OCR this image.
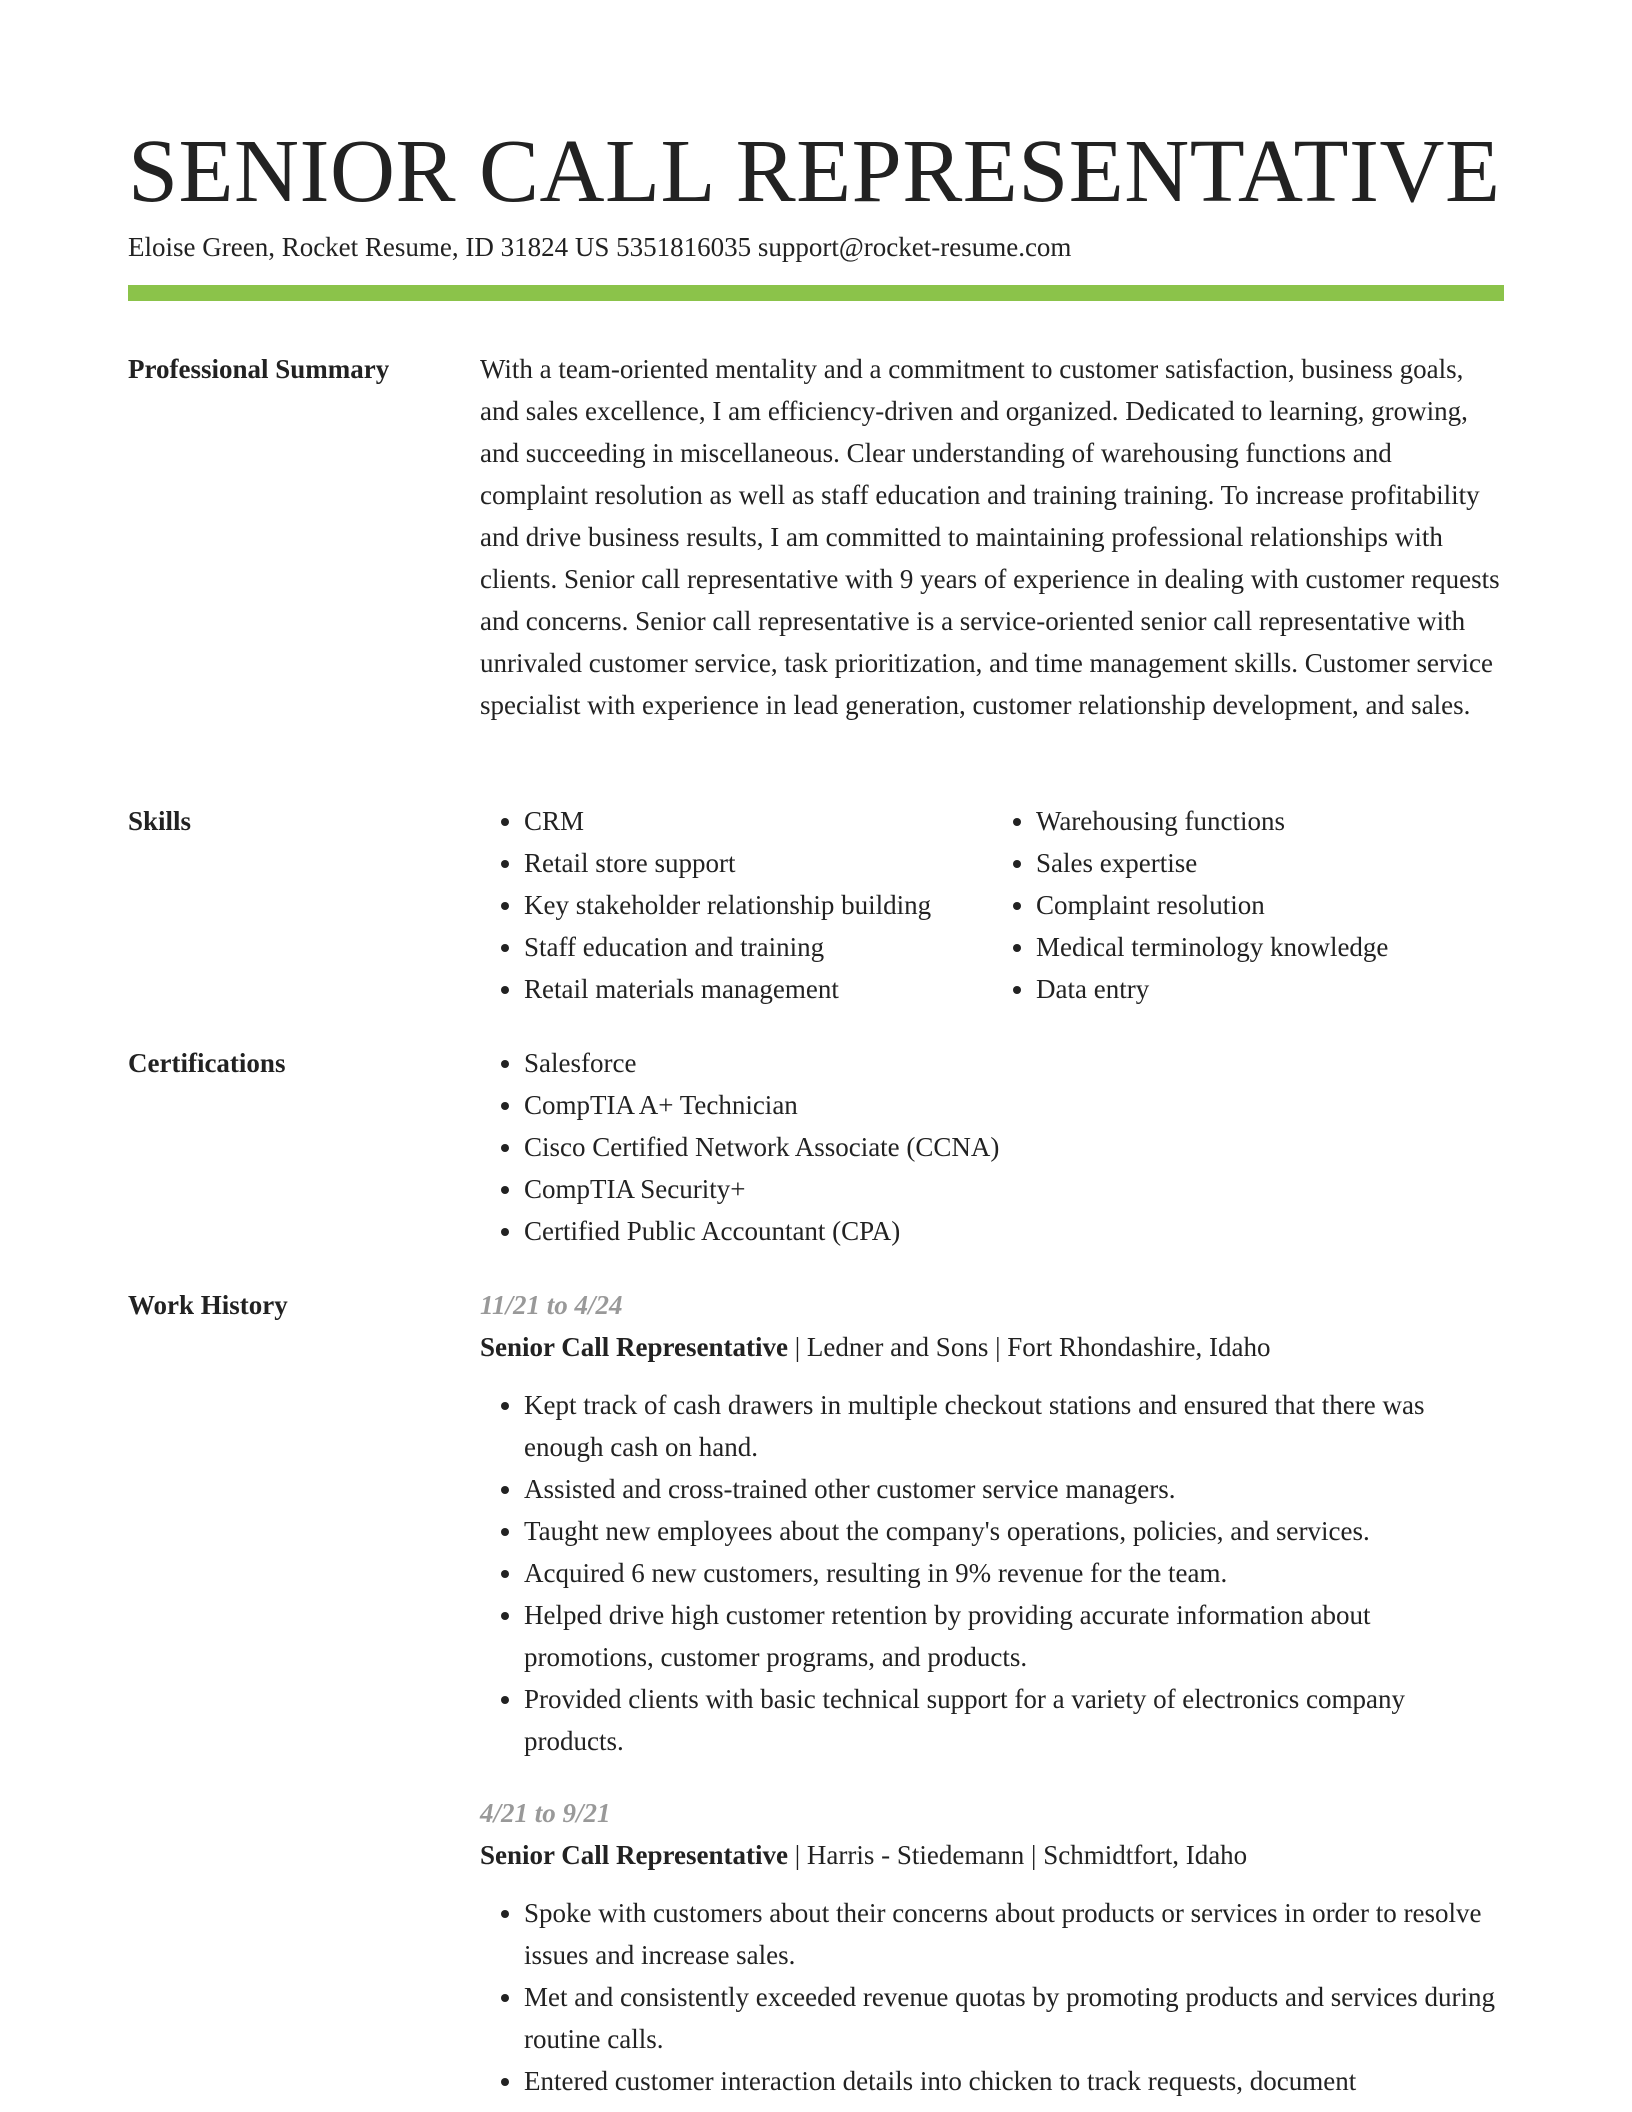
SENIOR CALL REPRESENTATIVE
Eloise Green, Rocket Resume, ID 31824 US 5351816035 support@rocket-resume.com
Professional Summary	With a team-oriented mentality and a commitment to customer satisfaction, business goals, and sales excellence, I am efficiency-driven and organized. Dedicated to learning, growing, and succeeding in miscellaneous. Clear understanding of warehousing functions and complaint resolution as well as staff education and training training. To increase profitability and drive business results, I am committed to maintaining professional relationships with clients. Senior call representative with 9 years of experience in dealing with customer requests and concerns. Senior call representative is a service-oriented senior call representative with unrivaled customer service, task prioritization, and time management skills. Customer service specialist with experience in lead generation, customer relationship development, and sales.

Skills	• CRM
• Retail store support
• Key stakeholder relationship building
• Staff education and training
• Retail materials management
• Warehousing functions
• Sales expertise
• Complaint resolution
• Medical terminology knowledge
• Data entry
Certifications	• Salesforce
• CompTIA A+ Technician
• Cisco Certified Network Associate (CCNA)
• CompTIA Security+
• Certified Public Accountant (CPA)
Work History	11/21 to 4/24
Senior Call Representative | Ledner and Sons | Fort Rhondashire, Idaho
• Kept track of cash drawers in multiple checkout stations and ensured that there was enough cash on hand.
• Assisted and cross-trained other customer service managers.
• Taught new employees about the company's operations, policies, and services.
• Acquired 6 new customers, resulting in 9% revenue for the team.
• Helped drive high customer retention by providing accurate information about promotions, customer programs, and products.
• Provided clients with basic technical support for a variety of electronics company products.
4/21 to 9/21
Senior Call Representative | Harris - Stiedemann | Schmidtfort, Idaho
• Spoke with customers about their concerns about products or services in order to resolve issues and increase sales.
• Met and consistently exceeded revenue quotas by promoting products and services during routine calls.
• Entered customer interaction details into chicken to track requests, document
